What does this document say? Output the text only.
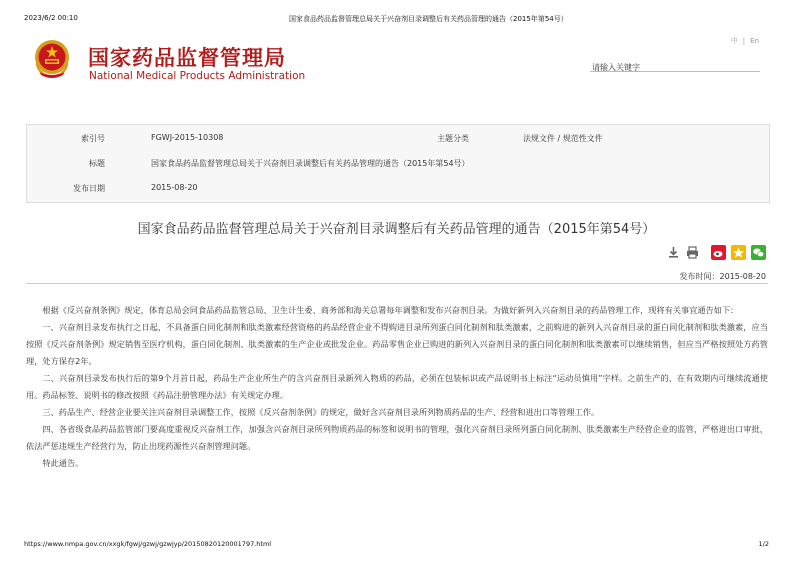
2023/6/2 00:10	国家食品药品监督管理总局关于兴奋剂目录调整后有关药品管理的通告（2015年第54号）
国家药品监督管理局
National Medical Products Administration
中 | En
请输入关键字
索引号	FGWJ-2015-10308	主题分类	法规文件 / 规范性文件
标题	国家食品药品监督管理总局关于兴奋剂目录调整后有关药品管理的通告（2015年第54号）
发布日期	2015-08-20
国家食品药品监督管理总局关于兴奋剂目录调整后有关药品管理的通告（2015年第54号）
发布时间：2015-08-20

根据《反兴奋剂条例》规定，体育总局会同食品药品监管总局、卫生计生委、商务部和海关总署每年调整和发布兴奋剂目录。为做好新列入兴奋剂目录的药品管理工作，现将有关事宜通告如下：

一、兴奋剂目录发布执行之日起，不具备蛋白同化制剂和肽类激素经营资格的药品经营企业不得购进目录所列蛋白同化制剂和肽类激素，之前购进的新列入兴奋剂目录的蛋白同化制剂和肽类激素，应当按照《反兴奋剂条例》规定销售至医疗机构，蛋白同化制剂、肽类激素的生产企业或批发企业。药品零售企业已购进的新列入兴奋剂目录的蛋白同化制剂和肽类激素可以继续销售，但应当严格按照处方药管理，处方保存2年。

二、兴奋剂目录发布执行后的第9个月首日起，药品生产企业所生产的含兴奋剂目录新列入物质的药品，必须在包装标识或产品说明书上标注“运动员慎用”字样。之前生产的，在有效期内可继续流通使用。药品标签、说明书的修改按照《药品注册管理办法》有关规定办理。

三、药品生产、经营企业要关注兴奋剂目录调整工作，按照《反兴奋剂条例》的规定，做好含兴奋剂目录所列物质药品的生产、经营和进出口等管理工作。

四、各省级食品药品监管部门要高度重视反兴奋剂工作，加强含兴奋剂目录所列物质药品的标签和说明书的管理，强化兴奋剂目录所列蛋白同化制剂、肽类激素生产经营企业的监管，严格进出口审批，依法严惩违规生产经营行为，防止出现药源性兴奋剂管理问题。

特此通告。

https://www.nmpa.gov.cn/xxgk/fgwj/gzwj/gzwjyp/20150820120001797.html	1/2
